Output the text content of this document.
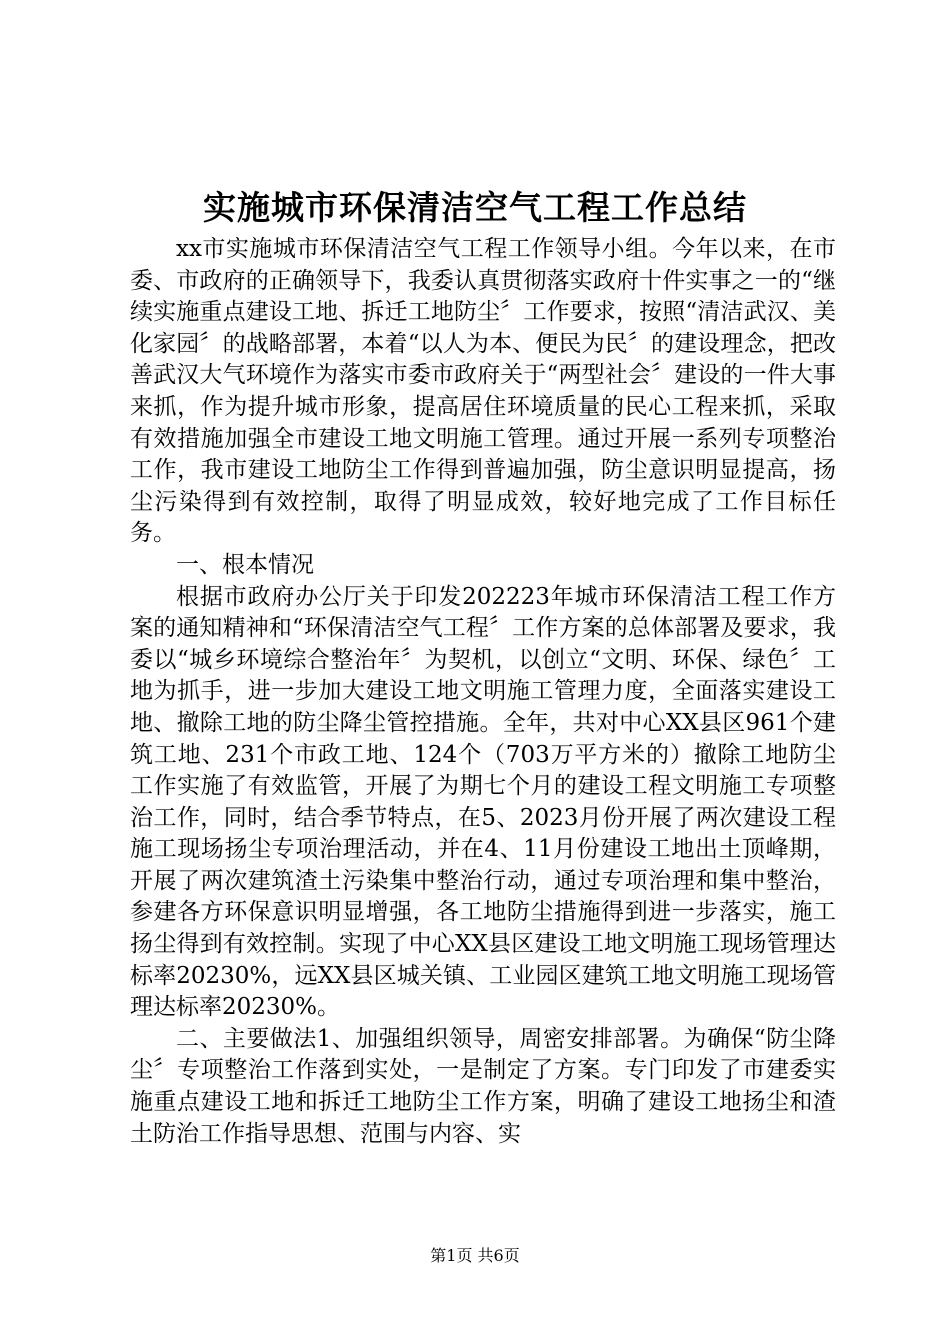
实施城市环保清洁空气工程工作总结

xx市实施城市环保清洁空气工程工作领导小组。今年以来，在市委、市政府的正确领导下，我委认真贯彻落实政府十件实事之一的“继续实施重点建设工地、拆迁工地防尘〞工作要求，按照“清洁武汉、美化家园〞的战略部署，本着“以人为本、便民为民〞的建设理念，把改善武汉大气环境作为落实市委市政府关于“两型社会〞建设的一件大事来抓，作为提升城市形象，提高居住环境质量的民心工程来抓，采取有效措施加强全市建设工地文明施工管理。通过开展一系列专项整治工作，我市建设工地防尘工作得到普遍加强，防尘意识明显提高，扬尘污染得到有效控制，取得了明显成效，较好地完成了工作目标任务。

一、根本情况

根据市政府办公厅关于印发202223年城市环保清洁工程工作方案的通知精神和“环保清洁空气工程〞工作方案的总体部署及要求，我委以“城乡环境综合整治年〞为契机，以创立“文明、环保、绿色〞工地为抓手，进一步加大建设工地文明施工管理力度，全面落实建设工地、撤除工地的防尘降尘管控措施。全年，共对中心XX县区961个建筑工地、231个市政工地、124个（703万平方米的）撤除工地防尘工作实施了有效监管，开展了为期七个月的建设工程文明施工专项整治工作，同时，结合季节特点，在5、2023月份开展了两次建设工程施工现场扬尘专项治理活动，并在4、11月份建设工地出土顶峰期，开展了两次建筑渣土污染集中整治行动，通过专项治理和集中整治，参建各方环保意识明显增强，各工地防尘措施得到进一步落实，施工扬尘得到有效控制。实现了中心XX县区建设工地文明施工现场管理达标率20230%，远XX县区城关镇、工业园区建筑工地文明施工现场管理达标率20230%。

二、主要做法1、加强组织领导，周密安排部署。为确保“防尘降尘〞专项整治工作落到实处，一是制定了方案。专门印发了市建委实施重点建设工地和拆迁工地防尘工作方案，明确了建设工地扬尘和渣土防治工作指导思想、范围与内容、实

第1页 共6页
